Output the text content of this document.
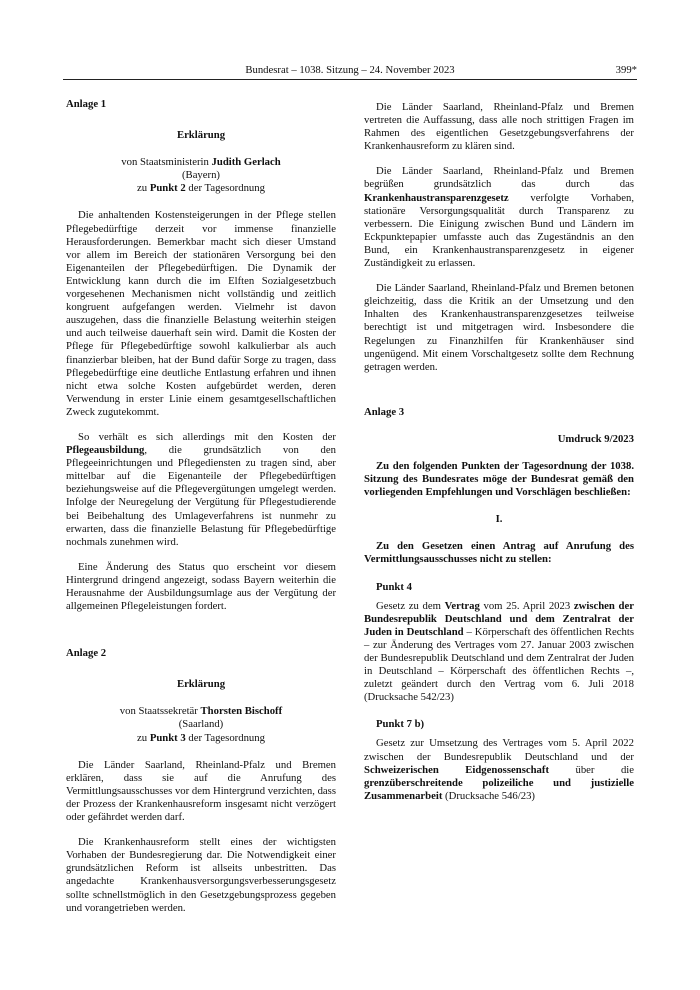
Bundesrat – 1038. Sitzung – 24. November 2023	399*

Anlage 1

Erklärung

von Staatsministerin Judith Gerlach

(Bayern)

zu Punkt 2 der Tagesordnung

Die anhaltenden Kostensteigerungen in der Pflege stellen Pflegebedürftige derzeit vor immense finanzielle Herausforderungen. Bemerkbar macht sich dieser Umstand vor allem im Bereich der stationären Versorgung bei den Eigenanteilen der Pflegebedürftigen. Die Dynamik der Entwicklung kann durch die im Elften Sozialgesetzbuch vorgesehenen Mechanismen nicht vollständig und zeitlich kongruent aufgefangen werden. Vielmehr ist davon auszugehen, dass die finanzielle Belastung weiterhin steigen und auch teilweise dauerhaft sein wird. Damit die Kosten der Pflege für Pflegebedürftige sowohl kalkulierbar als auch finanzierbar bleiben, hat der Bund dafür Sorge zu tragen, dass Pflegebedürftige eine deutliche Entlastung erfahren und ihnen nicht etwa solche Kosten aufgebürdet werden, deren Verwendung in erster Linie einem gesamtgesellschaftlichen Zweck zugutekommt.

So verhält es sich allerdings mit den Kosten der Pflegeausbildung, die grundsätzlich von den Pflegeeinrichtungen und Pflegediensten zu tragen sind, aber mittelbar auf die Eigenanteile der Pflegebedürftigen beziehungsweise auf die Pflegevergütungen umgelegt werden. Infolge der Neuregelung der Vergütung für Pflegestudierende bei Beibehaltung des Umlageverfahrens ist nunmehr zu erwarten, dass die finanzielle Belastung für Pflegebedürftige nochmals zunehmen wird.

Eine Änderung des Status quo erscheint vor diesem Hintergrund dringend angezeigt, sodass Bayern weiterhin die Herausnahme der Ausbildungsumlage aus der Vergütung der allgemeinen Pflegeleistungen fordert.

Anlage 2

Erklärung

von Staatssekretär Thorsten Bischoff

(Saarland)

zu Punkt 3 der Tagesordnung

Die Länder Saarland, Rheinland-Pfalz und Bremen erklären, dass sie auf die Anrufung des Vermittlungsausschusses vor dem Hintergrund verzichten, dass der Prozess der Krankenhausreform insgesamt nicht verzögert oder gefährdet werden darf.

Die Krankenhausreform stellt eines der wichtigsten Vorhaben der Bundesregierung dar. Die Notwendigkeit einer grundsätzlichen Reform ist allseits unbestritten. Das angedachte Krankenhausversorgungsverbesserungsgesetz sollte schnellstmöglich in den Gesetzgebungsprozess gegeben und vorangetrieben werden.

Die Länder Saarland, Rheinland-Pfalz und Bremen vertreten die Auffassung, dass alle noch strittigen Fragen im Rahmen des eigentlichen Gesetzgebungsverfahrens der Krankenhausreform zu klären sind.

Die Länder Saarland, Rheinland-Pfalz und Bremen begrüßen grundsätzlich das durch das Krankenhaustransparenzgesetz verfolgte Vorhaben, stationäre Versorgungsqualität durch Transparenz zu verbessern. Die Einigung zwischen Bund und Ländern im Eckpunktepapier umfasste auch das Zugeständnis an den Bund, ein Krankenhaustransparenzgesetz in eigener Zuständigkeit zu erlassen.

Die Länder Saarland, Rheinland-Pfalz und Bremen betonen gleichzeitig, dass die Kritik an der Umsetzung und den Inhalten des Krankenhaustransparenzgesetzes teilweise berechtigt ist und mitgetragen wird. Insbesondere die Regelungen zu Finanzhilfen für Krankenhäuser sind ungenügend. Mit einem Vorschaltgesetz sollte dem Rechnung getragen werden.

Anlage 3

Umdruck 9/2023

Zu den folgenden Punkten der Tagesordnung der 1038. Sitzung des Bundesrates möge der Bundesrat gemäß den vorliegenden Empfehlungen und Vorschlägen beschließen:

I.

Zu den Gesetzen einen Antrag auf Anrufung des Vermittlungsausschusses nicht zu stellen:

Punkt 4

Gesetz zu dem Vertrag vom 25. April 2023 zwischen der Bundesrepublik Deutschland und dem Zentralrat der Juden in Deutschland – Körperschaft des öffentlichen Rechts – zur Änderung des Vertrages vom 27. Januar 2003 zwischen der Bundesrepublik Deutschland und dem Zentralrat der Juden in Deutschland – Körperschaft des öffentlichen Rechts –, zuletzt geändert durch den Vertrag vom 6. Juli 2018 (Drucksache 542/23)

Punkt 7 b)

Gesetz zur Umsetzung des Vertrages vom 5. April 2022 zwischen der Bundesrepublik Deutschland und der Schweizerischen Eidgenossenschaft über die grenzüberschreitende polizeiliche und justizielle Zusammenarbeit (Drucksache 546/23)
